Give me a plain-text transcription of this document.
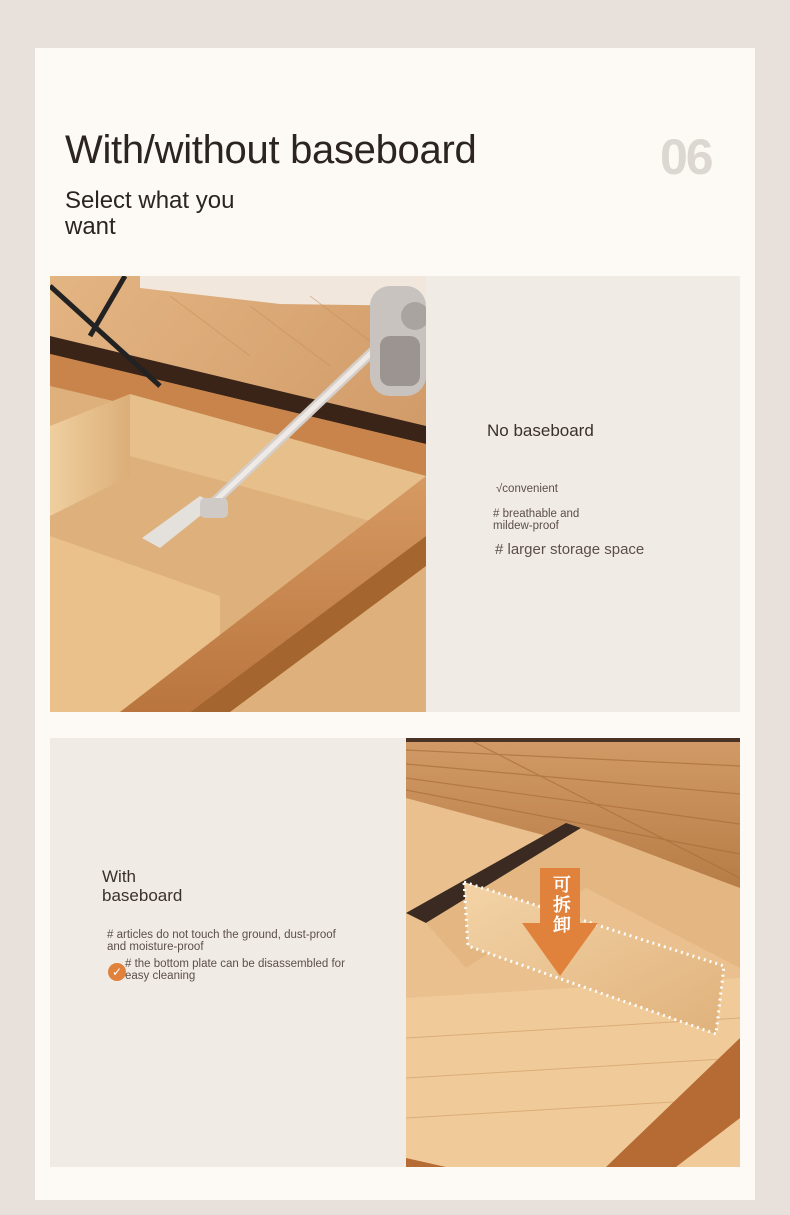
With/without baseboard
Select what you want
06
No baseboard
√convenient
# breathable and mildew-proof
# larger storage space
With baseboard
# articles do not touch the ground, dust-proof and moisture-proof
✓
# the bottom plate can be disassembled for easy cleaning
可拆卸
